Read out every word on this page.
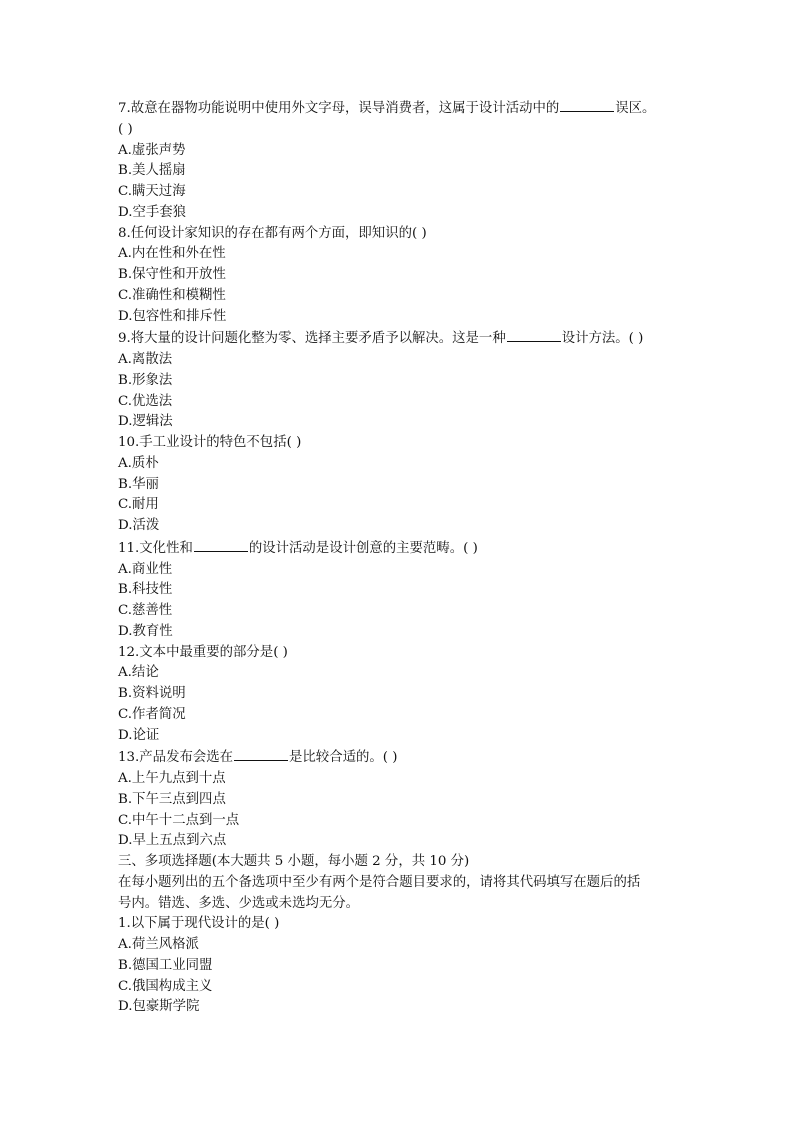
7.故意在器物功能说明中使用外文字母，误导消费者，这属于设计活动中的	误区。
( )
A.虚张声势
B.美人摇扇
C.瞒天过海
D.空手套狼
8.任何设计家知识的存在都有两个方面，即知识的( )
A.内在性和外在性
B.保守性和开放性
C.准确性和模糊性
D.包容性和排斥性
9.将大量的设计问题化整为零、选择主要矛盾予以解决。这是一种	设计方法。( )
A.离散法
B.形象法
C.优选法
D.逻辑法
10.手工业设计的特色不包括( )
A.质朴
B.华丽
C.耐用
D.活泼
11.文化性和	的设计活动是设计创意的主要范畴。( )
A.商业性
B.科技性
C.慈善性
D.教育性
12.文本中最重要的部分是( )
A.结论
B.资料说明
C.作者简况
D.论证
13.产品发布会选在	是比较合适的。( )
A.上午九点到十点
B.下午三点到四点
C.中午十二点到一点
D.早上五点到六点
三、多项选择题(本大题共 5 小题，每小题 2 分，共 10 分)
在每小题列出的五个备选项中至少有两个是符合题目要求的，请将其代码填写在题后的括
号内。错选、多选、少选或未选均无分。
1.以下属于现代设计的是( )
A.荷兰风格派
B.德国工业同盟
C.俄国构成主义
D.包豪斯学院
